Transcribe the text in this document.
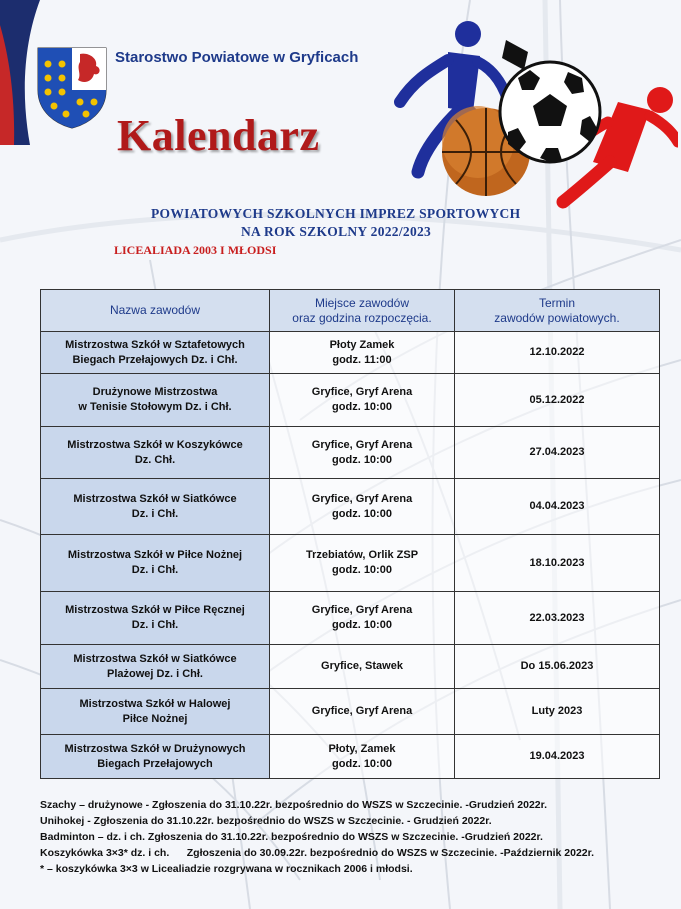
Starostwo Powiatowe w Gryficach
Kalendarz
POWIATOWYCH SZKOLNYCH IMPREZ SPORTOWYCH
NA ROK SZKOLNY 2022/2023
LICEALIADA 2003 I MŁODSI
Nazwa zawodów	Miejsce zawodów
oraz godzina rozpoczęcia.	Termin
zawodów powiatowych.
Mistrzostwa Szkół w Sztafetowych
Biegach Przełajowych Dz. i Chł.	Płoty Zamek
godz. 11:00	12.10.2022
Drużynowe Mistrzostwa
w Tenisie Stołowym Dz. i Chł.	Gryfice, Gryf Arena
godz. 10:00	05.12.2022
Mistrzostwa Szkół w Koszykówce
Dz. Chł.	Gryfice, Gryf Arena
godz. 10:00	27.04.2023
Mistrzostwa Szkół w Siatkówce
Dz. i Chł.	Gryfice, Gryf Arena
godz. 10:00	04.04.2023
Mistrzostwa Szkół w Piłce Nożnej
Dz. i Chł.	Trzebiatów, Orlik ZSP
godz. 10:00	18.10.2023
Mistrzostwa Szkół w Piłce Ręcznej
Dz. i Chł.	Gryfice, Gryf Arena
godz. 10:00	22.03.2023
Mistrzostwa Szkół w Siatkówce
Plażowej Dz. i Chł.	Gryfice, Stawek	Do 15.06.2023
Mistrzostwa Szkół w Halowej
Piłce Nożnej	Gryfice, Gryf Arena	Luty 2023
Mistrzostwa Szkół w Drużynowych
Biegach Przełajowych	Płoty, Zamek
godz. 10:00	19.04.2023
Szachy – drużynowe - Zgłoszenia do 31.10.22r. bezpośrednio do WSZS w Szczecinie. -Grudzień 2022r.
Unihokej - Zgłoszenia do 31.10.22r. bezpośrednio do WSZS w Szczecinie. - Grudzień 2022r.
Badminton – dz. i ch. Zgłoszenia do 31.10.22r. bezpośrednio do WSZS w Szczecinie. -Grudzień 2022r.
Koszykówka 3×3* dz. i ch.      Zgłoszenia do 30.09.22r. bezpośrednio do WSZS w Szczecinie. -Październik 2022r.
* – koszykówka 3×3 w Licealiadzie rozgrywana w rocznikach 2006 i młodsi.
